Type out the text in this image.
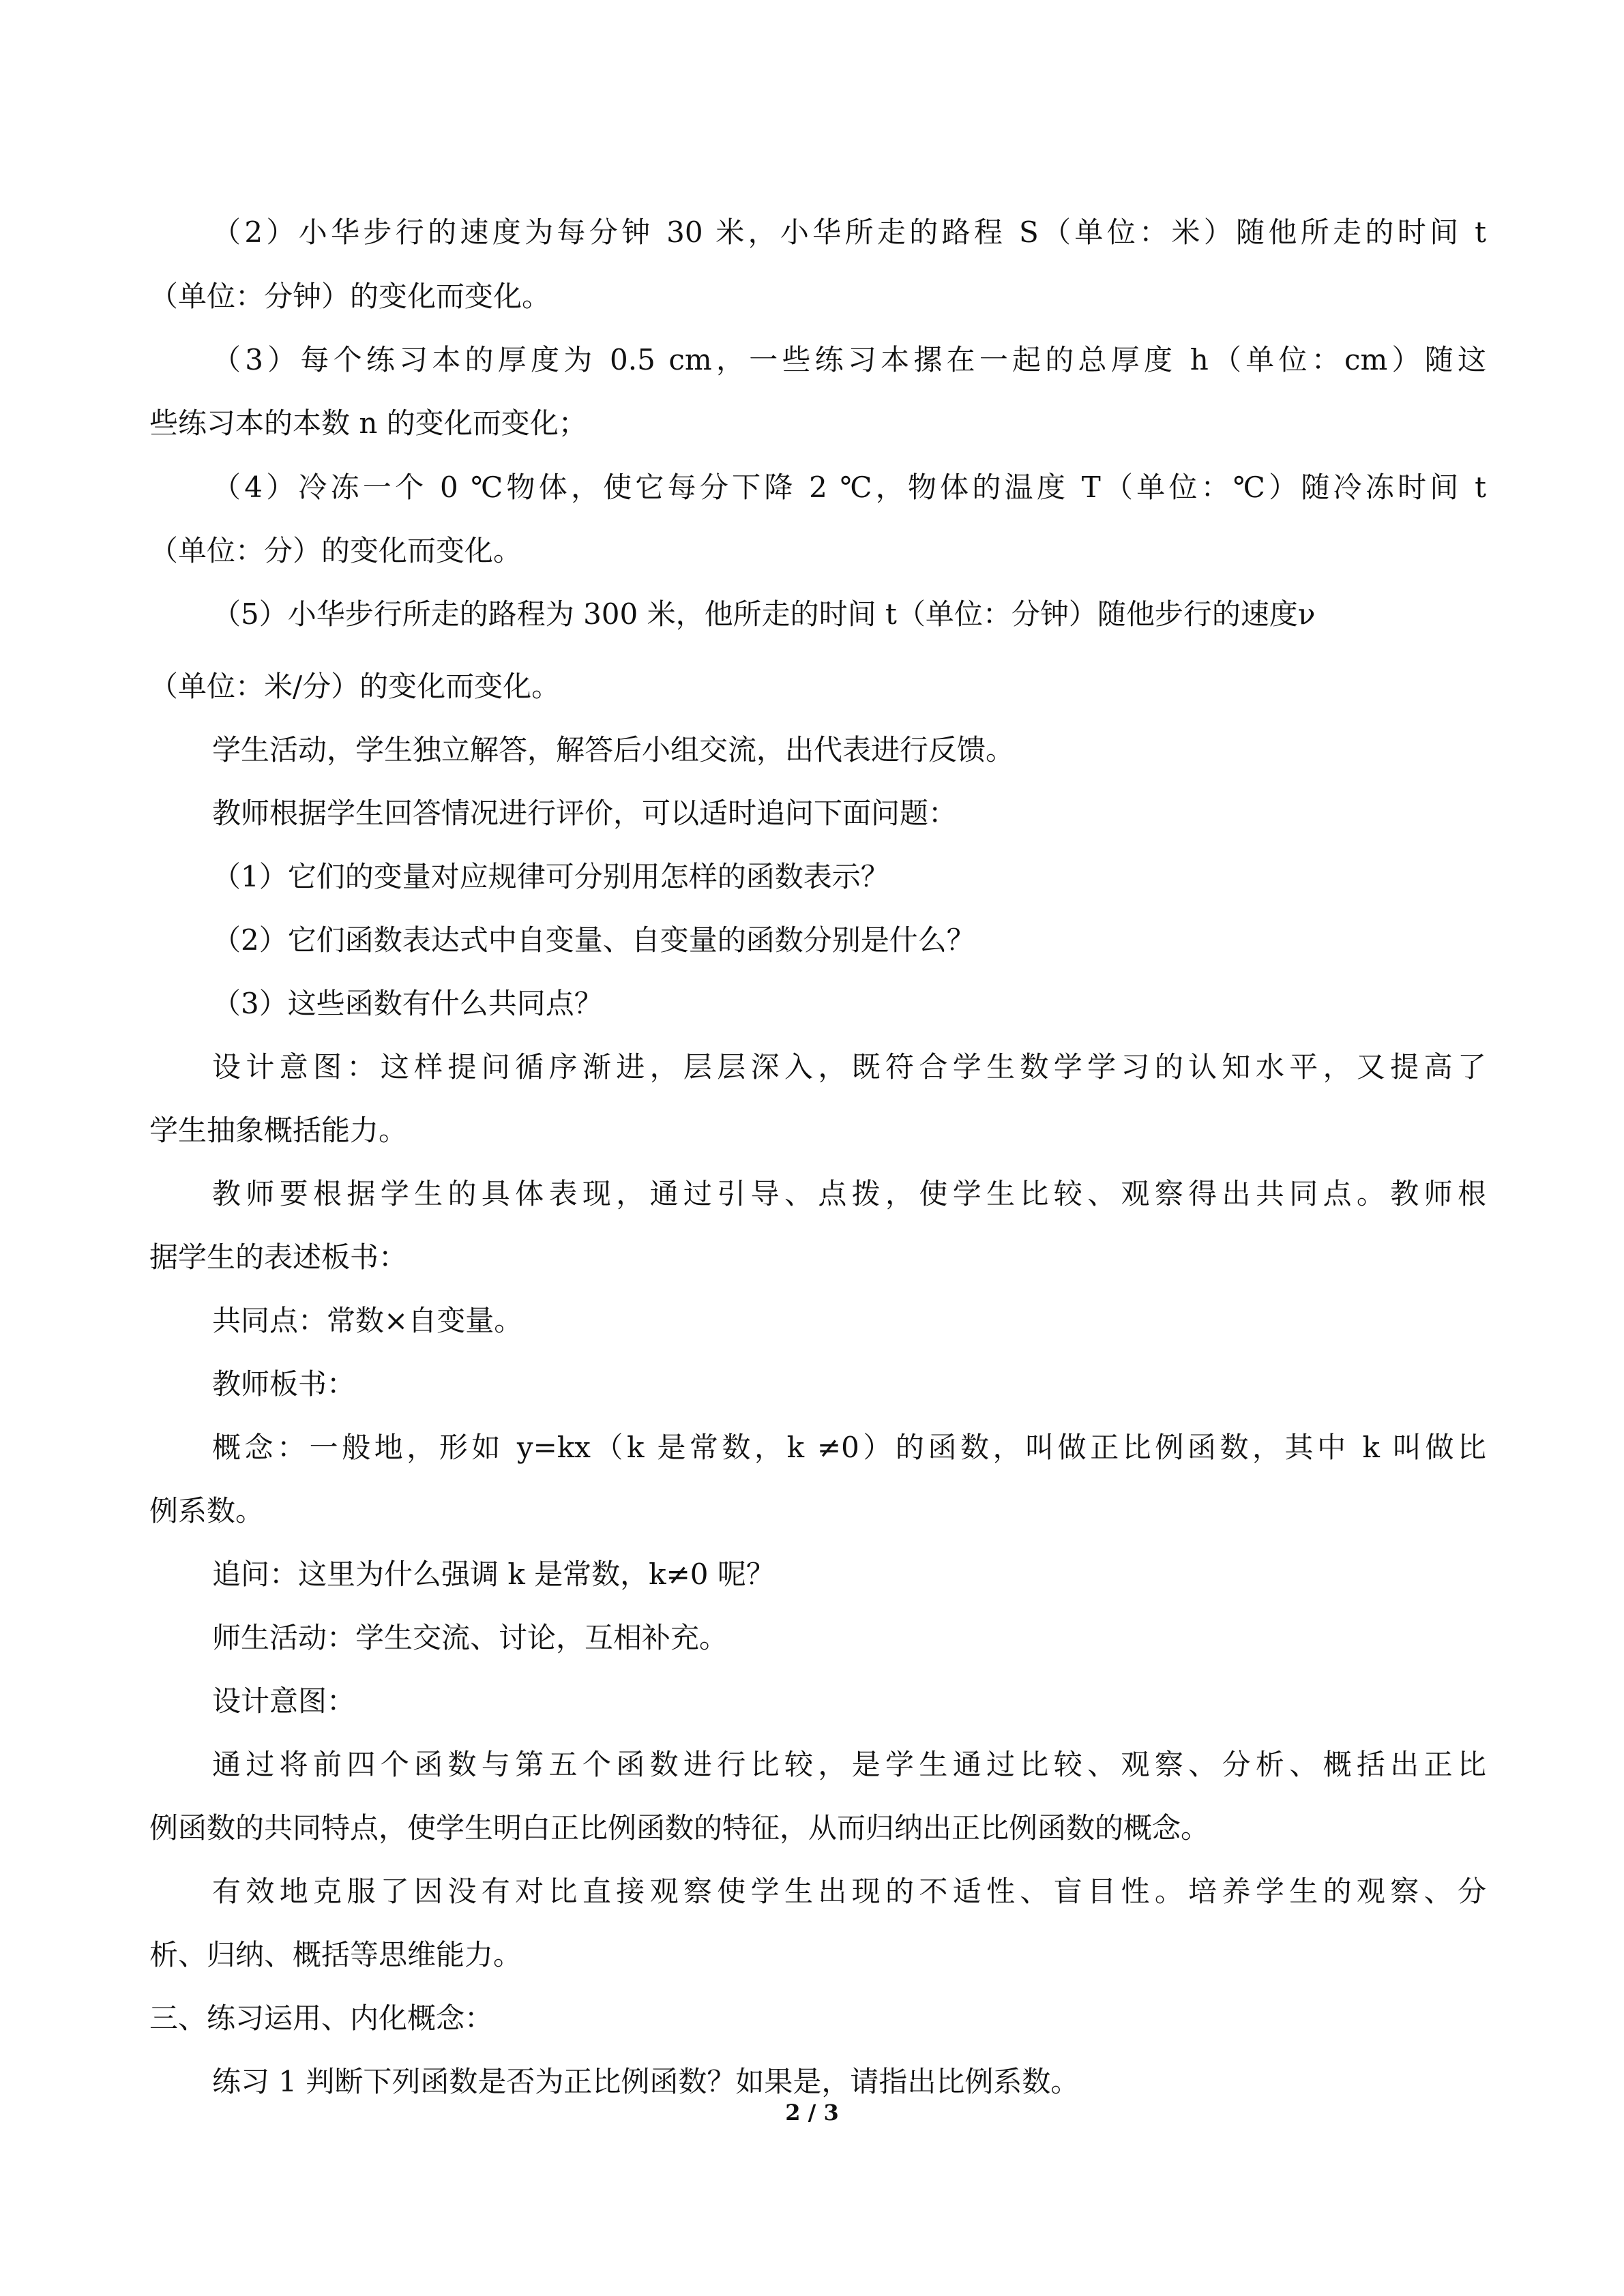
（2）小华步行的速度为每分钟 30 米，小华所走的路程 S（单位：米）随他所走的时间 t
（单位：分钟）的变化而变化。
（3）每个练习本的厚度为 0.5 cm，一些练习本摞在一起的总厚度 h（单位：cm）随这
些练习本的本数 n 的变化而变化；
（4）冷冻一个 0 ℃物体，使它每分下降 2 ℃，物体的温度 T（单位：℃）随冷冻时间 t
（单位：分）的变化而变化。
（5）小华步行所走的路程为 300 米，他所走的时间 t（单位：分钟）随他步行的速度ν
（单位：米/分）的变化而变化。
学生活动，学生独立解答，解答后小组交流，出代表进行反馈。
教师根据学生回答情况进行评价，可以适时追问下面问题：
（1）它们的变量对应规律可分别用怎样的函数表示？
（2）它们函数表达式中自变量、自变量的函数分别是什么？
（3）这些函数有什么共同点？
设计意图：这样提问循序渐进，层层深入，既符合学生数学学习的认知水平，又提高了
学生抽象概括能力。
教师要根据学生的具体表现，通过引导、点拨，使学生比较、观察得出共同点。教师根
据学生的表述板书：
共同点：常数×自变量。
教师板书：
概念：一般地，形如 y=kx（k 是常数，k ≠0）的函数，叫做正比例函数，其中 k 叫做比
例系数。
追问：这里为什么强调 k 是常数，k≠0 呢？
师生活动：学生交流、讨论，互相补充。
设计意图：
通过将前四个函数与第五个函数进行比较，是学生通过比较、观察、分析、概括出正比
例函数的共同特点，使学生明白正比例函数的特征，从而归纳出正比例函数的概念。
有效地克服了因没有对比直接观察使学生出现的不适性、盲目性。培养学生的观察、分
析、归纳、概括等思维能力。
三、练习运用、内化概念：
练习 1 判断下列函数是否为正比例函数？如果是，请指出比例系数。
2 / 3
